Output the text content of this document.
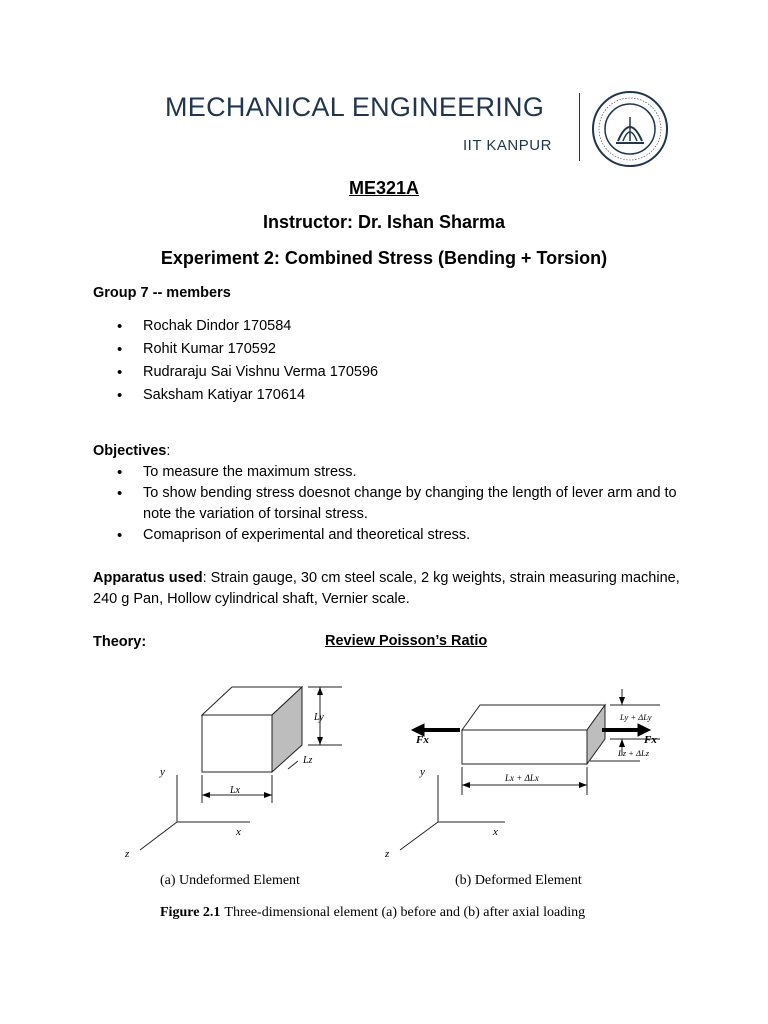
MECHANICAL ENGINEERING
IIT KANPUR
ME321A
Instructor: Dr. Ishan Sharma
Experiment 2: Combined Stress (Bending + Torsion)
Group 7 -- members
• Rochak Dindor 170584
• Rohit Kumar 170592
• Rudraraju Sai Vishnu Verma 170596
• Saksham Katiyar 170614
Objectives:
• To measure the maximum stress.
• To show bending stress doesnot change by changing the length of lever arm and to note the variation of torsinal stress.
• Comaprison of experimental and theoretical stress.
Apparatus used: Strain gauge, 30 cm steel scale, 2 kg weights, strain measuring machine, 240 g Pan, Hollow cylindrical shaft, Vernier scale.
Theory:	Review Poisson’s Ratio
Ly
Lz
Lx
y
x
z
y
x
z
Fx	Fx
Ly + ΔLy
Lz + ΔLz
Lx + ΔLx
(a) Undeformed Element	(b) Deformed Element
Figure 2.1 Three-dimensional element (a) before and (b) after axial loading
